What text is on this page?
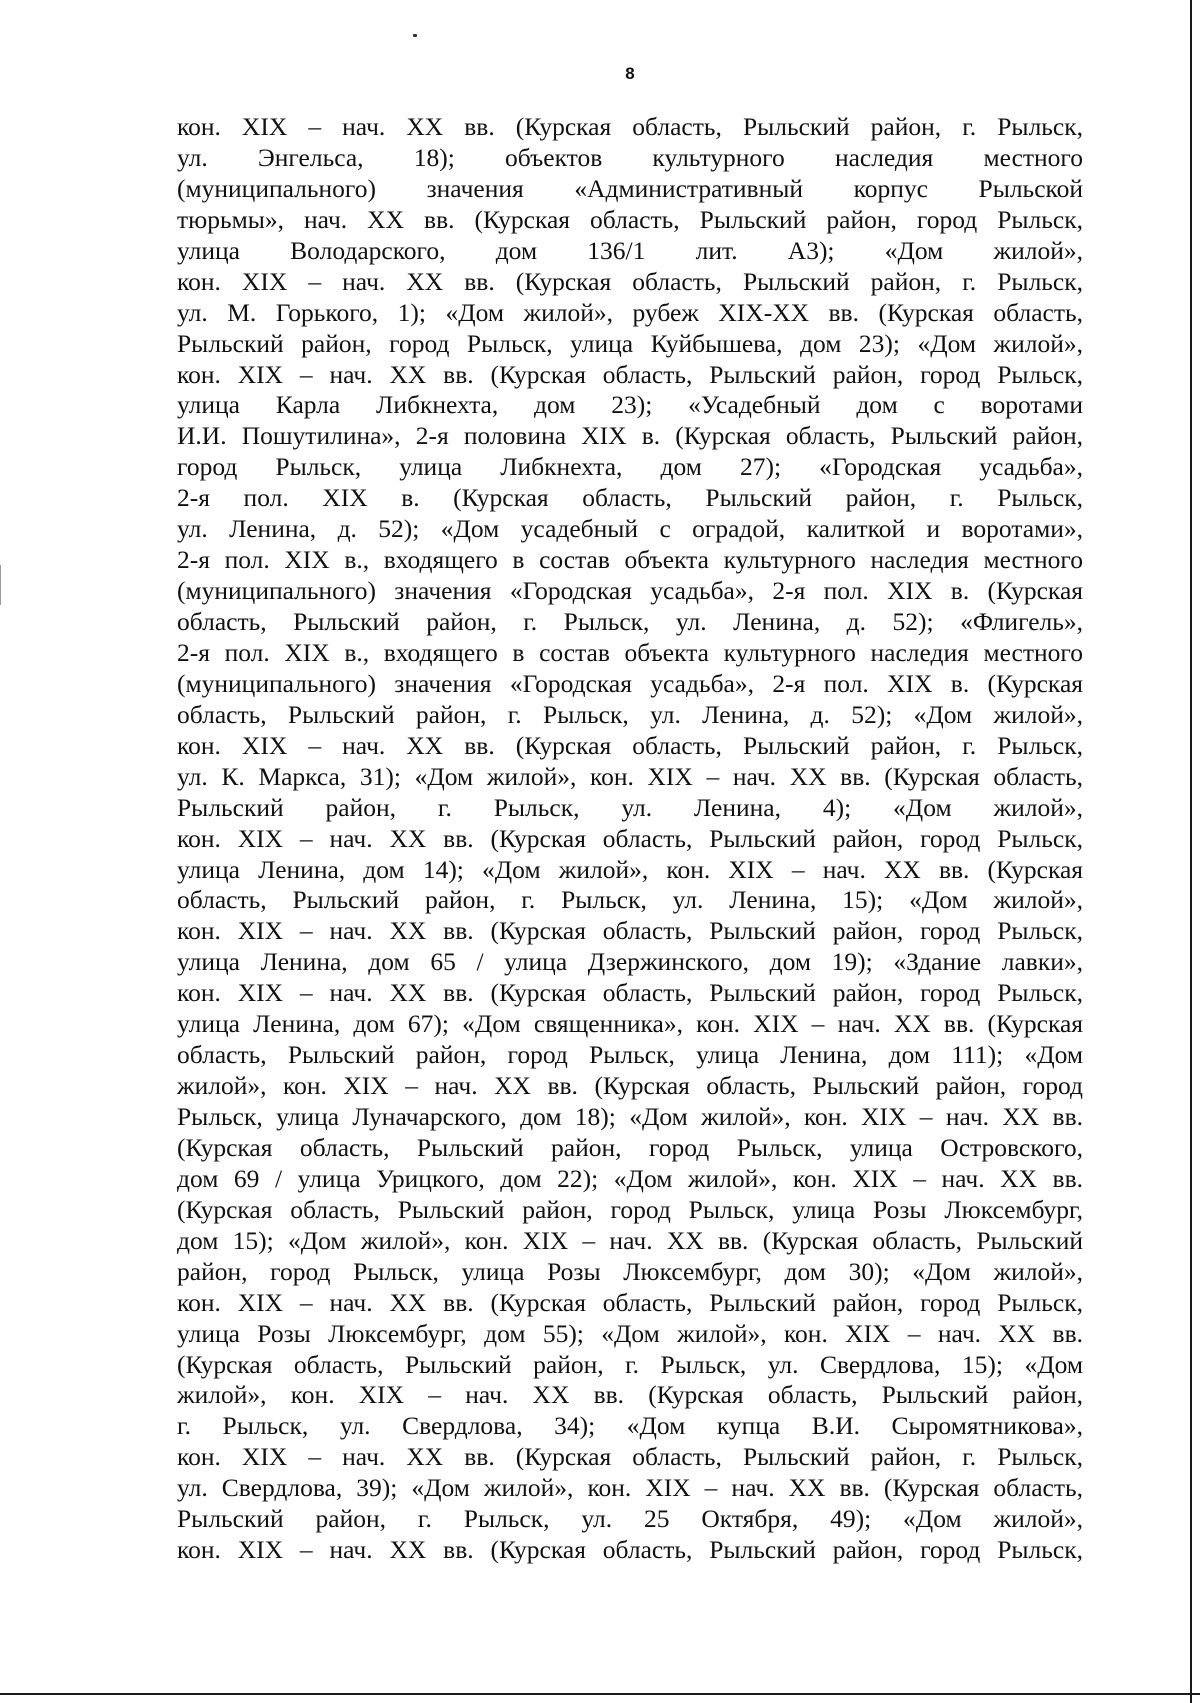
8
кон. XIX – нач. XX вв. (Курская область, Рыльский район, г. Рыльск,
ул. Энгельса, 18); объектов культурного наследия местного
(муниципального) значения «Административный корпус Рыльской
тюрьмы», нач. XX вв. (Курская область, Рыльский район, город Рыльск,
улица Володарского, дом 136/1 лит. А3); «Дом жилой»,
кон. XIX – нач. XX вв. (Курская область, Рыльский район, г. Рыльск,
ул. М. Горького, 1); «Дом жилой», рубеж XIX-XX вв. (Курская область,
Рыльский район, город Рыльск, улица Куйбышева, дом 23); «Дом жилой»,
кон. XIX – нач. XX вв. (Курская область, Рыльский район, город Рыльск,
улица Карла Либкнехта, дом 23); «Усадебный дом с воротами
И.И. Пошутилина», 2-я половина XIX в. (Курская область, Рыльский район,
город Рыльск, улица Либкнехта, дом 27); «Городская усадьба»,
2-я пол. XIX в. (Курская область, Рыльский район, г. Рыльск,
ул. Ленина, д. 52); «Дом усадебный с оградой, калиткой и воротами»,
2-я пол. XIX в., входящего в состав объекта культурного наследия местного
(муниципального) значения «Городская усадьба», 2-я пол. XIX в. (Курская
область, Рыльский район, г. Рыльск, ул. Ленина, д. 52); «Флигель»,
2-я пол. XIX в., входящего в состав объекта культурного наследия местного
(муниципального) значения «Городская усадьба», 2-я пол. XIX в. (Курская
область, Рыльский район, г. Рыльск, ул. Ленина, д. 52); «Дом жилой»,
кон. XIX – нач. XX вв. (Курская область, Рыльский район, г. Рыльск,
ул. К. Маркса, 31); «Дом жилой», кон. XIX – нач. XX вв. (Курская область,
Рыльский район, г. Рыльск, ул. Ленина, 4); «Дом жилой»,
кон. XIX – нач. XX вв. (Курская область, Рыльский район, город Рыльск,
улица Ленина, дом 14); «Дом жилой», кон. XIX – нач. XX вв. (Курская
область, Рыльский район, г. Рыльск, ул. Ленина, 15); «Дом жилой»,
кон. XIX – нач. XX вв. (Курская область, Рыльский район, город Рыльск,
улица Ленина, дом 65 / улица Дзержинского, дом 19); «Здание лавки»,
кон. XIX – нач. XX вв. (Курская область, Рыльский район, город Рыльск,
улица Ленина, дом 67); «Дом священника», кон. XIX – нач. XX вв. (Курская
область, Рыльский район, город Рыльск, улица Ленина, дом 111); «Дом
жилой», кон. XIX – нач. XX вв. (Курская область, Рыльский район, город
Рыльск, улица Луначарского, дом 18); «Дом жилой», кон. XIX – нач. XX вв.
(Курская область, Рыльский район, город Рыльск, улица Островского,
дом 69 / улица Урицкого, дом 22); «Дом жилой», кон. XIX – нач. XX вв.
(Курская область, Рыльский район, город Рыльск, улица Розы Люксембург,
дом 15); «Дом жилой», кон. XIX – нач. XX вв. (Курская область, Рыльский
район, город Рыльск, улица Розы Люксембург, дом 30); «Дом жилой»,
кон. XIX – нач. XX вв. (Курская область, Рыльский район, город Рыльск,
улица Розы Люксембург, дом 55); «Дом жилой», кон. XIX – нач. XX вв.
(Курская область, Рыльский район, г. Рыльск, ул. Свердлова, 15); «Дом
жилой», кон. XIX – нач. XX вв. (Курская область, Рыльский район,
г. Рыльск, ул. Свердлова, 34); «Дом купца В.И. Сыромятникова»,
кон. XIX – нач. XX вв. (Курская область, Рыльский район, г. Рыльск,
ул. Свердлова, 39); «Дом жилой», кон. XIX – нач. XX вв. (Курская область,
Рыльский район, г. Рыльск, ул. 25 Октября, 49); «Дом жилой»,
кон. XIX – нач. XX вв. (Курская область, Рыльский район, город Рыльск,
